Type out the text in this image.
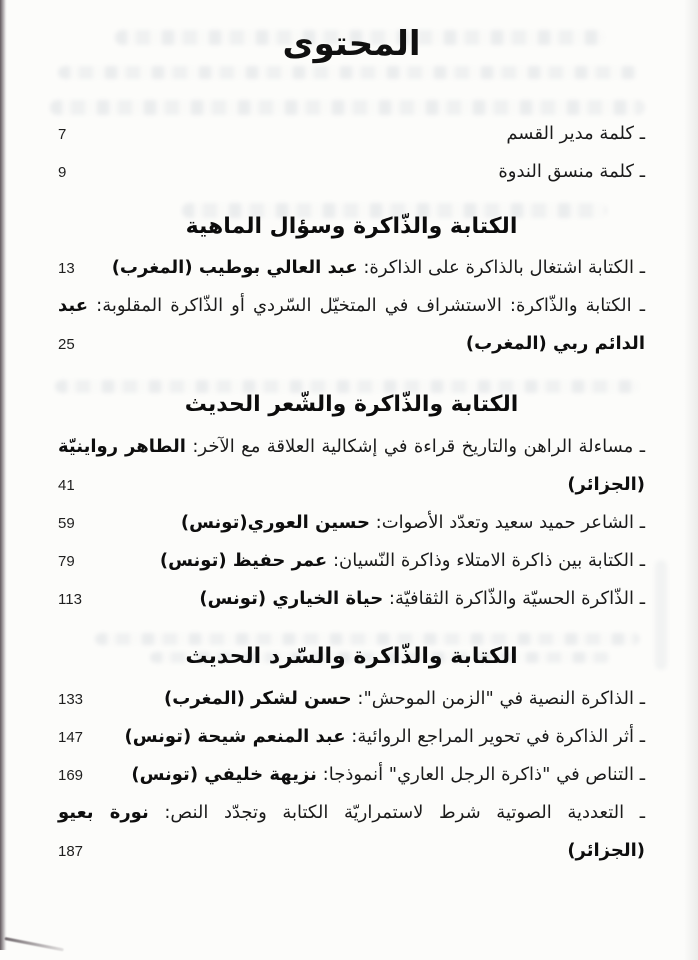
المحتوى
ـ كلمة مدير القسم
7
ـ كلمة منسق الندوة
9
الكتابة والذّاكرة وسؤال الماهية
ـ الكتابة اشتغال بالذاكرة على الذاكرة: عبد العالي بوطيب (المغرب)
13
ـ الكتابة والذّاكرة: الاستشراف في المتخيّل السّردي أو الذّاكرة المقلوبة: عبد
الدائم ربي (المغرب)
25
الكتابة والذّاكرة والشّعر الحديث
ـ مساءلة الراهن والتاريخ قراءة في إشكالية العلاقة مع الآخر: الطاهر رواينيّة
(الجزائر)
41
ـ الشاعر حميد سعيد وتعدّد الأصوات: حسين العوري(تونس)
59
ـ الكتابة بين ذاكرة الامتلاء وذاكرة النّسيان: عمر حفيظ (تونس)
79
ـ الذّاكرة الحسيّة والذّاكرة الثقافيّة: حياة الخياري (تونس)
113
الكتابة والذّاكرة والسّرد الحديث
ـ الذاكرة النصية في "الزمن الموحش": حسن لشكر (المغرب)
133
ـ أثر الذاكرة في تحوير المراجع الروائية: عبد المنعم شيحة (تونس)
147
ـ التناص في "ذاكرة الرجل العاري" أنموذجا: نزيهة خليفي (تونس)
169
ـ التعددية الصوتية شرط لاستمراريّة الكتابة وتجدّد النص: نورة بعيو
(الجزائر)
187
